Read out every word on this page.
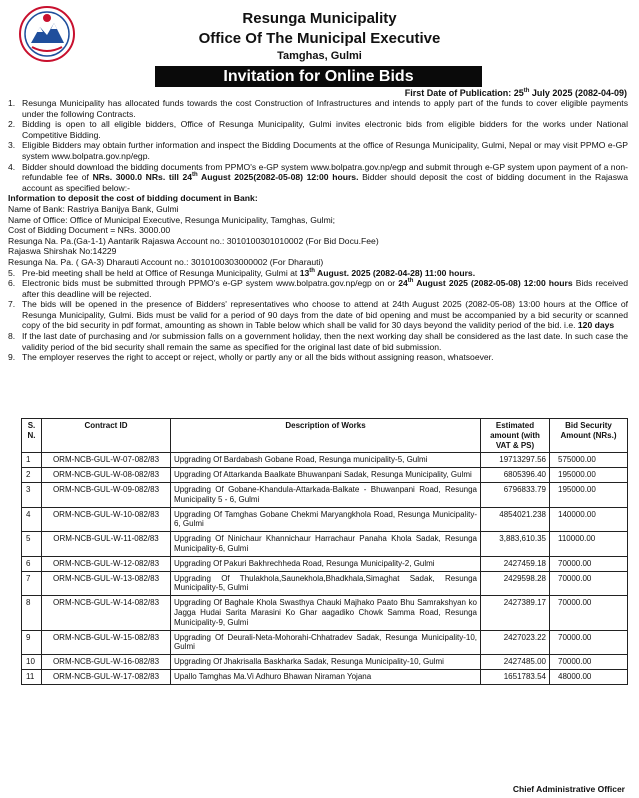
Resunga Municipality
Office Of The Municipal Executive
Tamghas, Gulmi
Invitation for Online Bids
First Date of Publication: 25th July 2025 (2082-04-09)
1. Resunga Municipality has allocated funds towards the cost Construction of Infrastructures and intends to apply part of the funds to cover eligible payments under the following Contracts.
2. Bidding is open to all eligible bidders, Office of Resunga Municipality, Gulmi invites electronic bids from eligible bidders for the works under National Competitive Bidding.
3. Eligible Bidders may obtain further information and inspect the Bidding Documents at the office of Resunga Municipality, Gulmi, Nepal or may visit PPMO e-GP system www.bolpatra.gov.np/egp.
4. Bidder should download the bidding documents from PPMO's e-GP system www.bolpatra.gov.np/egp and submit through e-GP system upon payment of a non-refundable fee of NRs. 3000.0 NRs. till 24th August 2025(2082-05-08) 12:00 hours. Bidder should deposit the cost of bidding document in the Rajaswa account as specified below:-
Information to deposit the cost of bidding document in Bank:
Name of Bank: Rastriya Banijya Bank, Gulmi
Name of Office: Office of Municipal Executive, Resunga Municipality, Tamghas, Gulmi;
Cost of Bidding Document = NRs. 3000.00
Resunga Na. Pa.(Ga-1-1) Aantarik Rajaswa Account no.: 3010100301010002 (For Bid Docu.Fee)
Rajaswa Shirshak No:14229
Resunga Na. Pa. ( GA-3) Dharauti Account no.: 3010100303000002 (For Dharauti)
5. Pre-bid meeting shall be held at Office of Resunga Municipality, Gulmi at 13th August. 2025 (2082-04-28) 11:00 hours.
6. Electronic bids must be submitted through PPMO's e-GP system www.bolpatra.gov.np/egp on or 24th August 2025 (2082-05-08) 12:00 hours Bids received after this deadline will be rejected.
7. The bids will be opened in the presence of Bidders' representatives who choose to attend at 24th August 2025 (2082-05-08) 13:00 hours at the Office of Resunga Municipality, Gulmi. Bids must be valid for a period of 90 days from the date of bid opening and must be accompanied by a bid security or scanned copy of the bid security in pdf format, amounting as shown in Table below which shall be valid for 30 days beyond the validity period of the bid. i.e. 120 days
8. If the last date of purchasing and /or submission falls on a government holiday, then the next working day shall be considered as the last date. In such case the validity period of the bid security shall remain the same as specified for the original last date of bid submission.
9. The employer reserves the right to accept or reject, wholly or partly any or all the bids without assigning reason, whatsoever.
S. N.	Contract ID	Description of Works	Estimated amount (with VAT & PS)	Bid Security Amount (NRs.)
1	ORM-NCB-GUL-W-07-082/83	Upgrading Of Bardabash Gobane Road, Resunga municipality-5, Gulmi	19713297.56	575000.00
2	ORM-NCB-GUL-W-08-082/83	Upgrading Of Attarkanda Baalkate Bhuwanpani Sadak, Resunga Municipality, Gulmi	6805396.40	195000.00
3	ORM-NCB-GUL-W-09-082/83	Upgrading Of Gobane-Khandula-Attarkada-Balkate - Bhuwanpani Road, Resunga Municipality 5 - 6, Gulmi	6796833.79	195000.00
4	ORM-NCB-GUL-W-10-082/83	Upgrading Of Tamghas Gobane Chekmi Maryangkhola Road, Resunga Municipality-6, Gulmi	4854021.238	140000.00
5	ORM-NCB-GUL-W-11-082/83	Upgrading Of Ninichaur Khannichaur Harrachaur Panaha Khola Sadak, Resunga Municipality-6, Gulmi	3,883,610.35	110000.00
6	ORM-NCB-GUL-W-12-082/83	Upgrading Of Pakuri Bakhrechheda Road, Resunga Municipality-2, Gulmi	2427459.18	70000.00
7	ORM-NCB-GUL-W-13-082/83	Upgrading Of Thulakhola,Saunekhola,Bhadkhala,Simaghat Sadak, Resunga Municipality-5, Gulmi	2429598.28	70000.00
8	ORM-NCB-GUL-W-14-082/83	Upgrading Of Baghale Khola Swasthya Chauki Majhako Paato Bhu Samrakshyan ko Jagga Hudai Sarita Marasini Ko Ghar aagadiko Chowk Samma Road, Resunga Municipality-9, Gulmi	2427389.17	70000.00
9	ORM-NCB-GUL-W-15-082/83	Upgrading Of Deurali-Neta-Mohorahi-Chhatradev Sadak, Resunga Municipality-10, Gulmi	2427023.22	70000.00
10	ORM-NCB-GUL-W-16-082/83	Upgrading Of Jhakrisalla Baskharka Sadak, Resunga Municipality-10, Gulmi	2427485.00	70000.00
11	ORM-NCB-GUL-W-17-082/83	Upallo Tamghas Ma.Vi Adhuro Bhawan Niraman Yojana	1651783.54	48000.00
Chief Administrative Officer
